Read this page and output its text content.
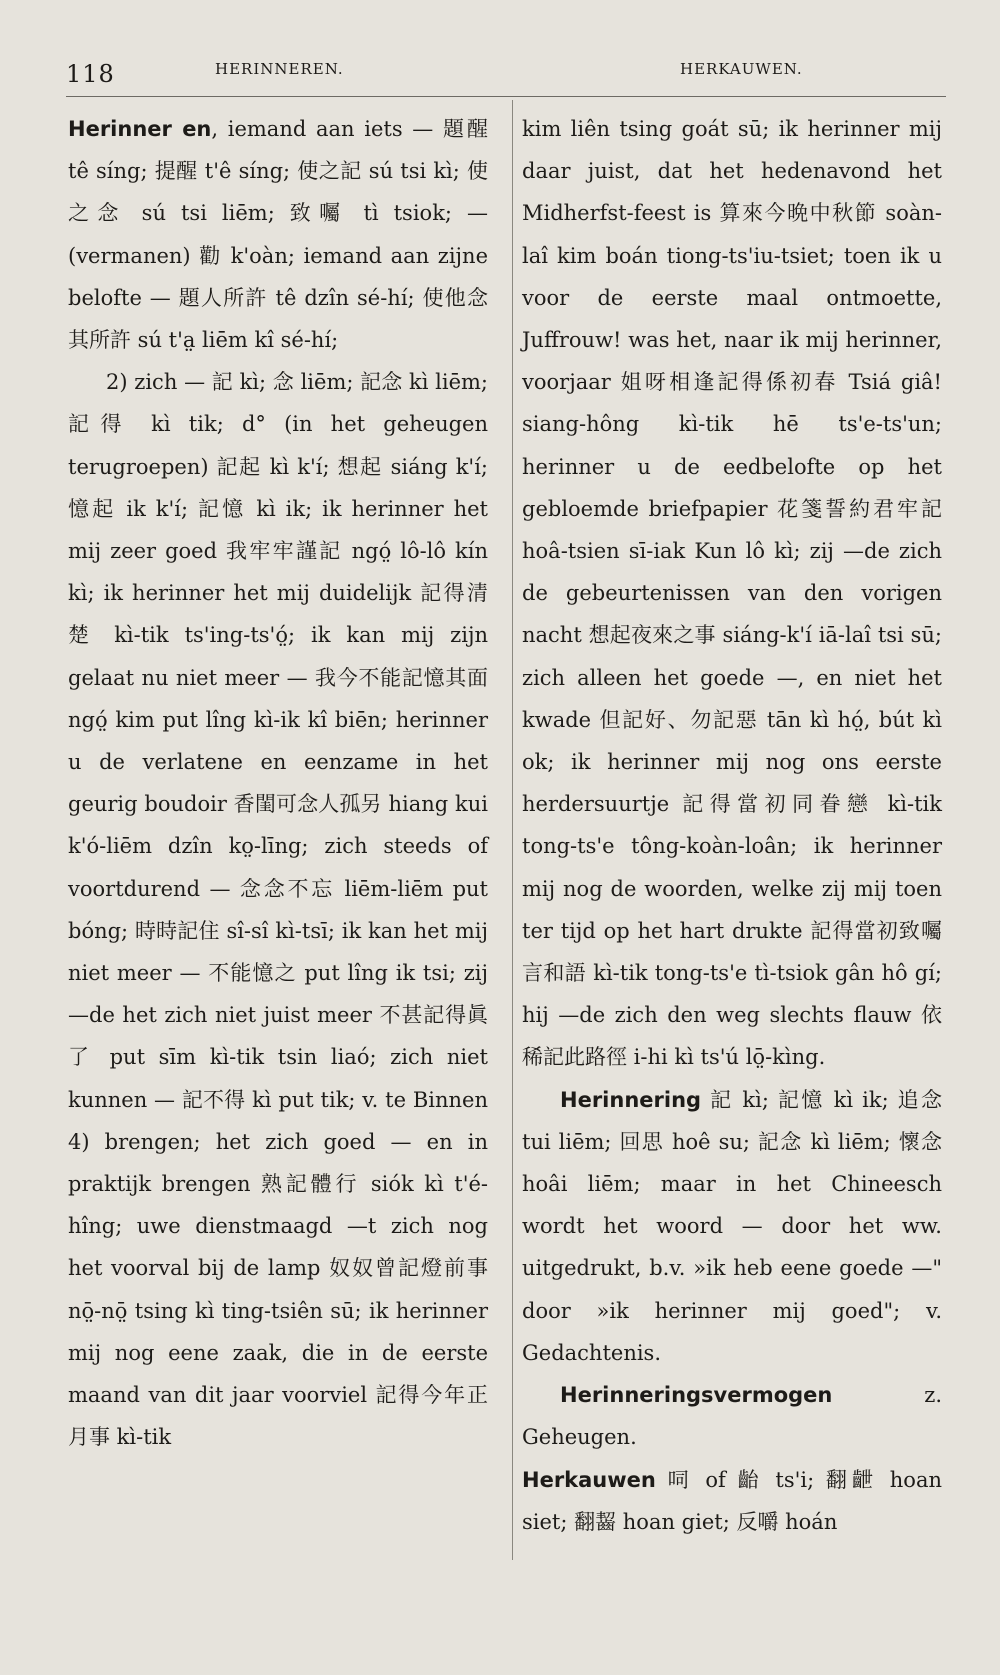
118	HERINNEREN.	HERKAUWEN.

Herinner en, iemand aan iets — 題醒 tê síng; 提醒 t'ê síng; 使之記 sú tsi kì; 使之念 sú tsi liēm; 致囑 tì tsiok; — (vermanen) 勸 k'oàn; iemand aan zijne belofte — 題人所許 tê dzîn sé-hí; 使他念其所許 sú t'a̤ liēm kî sé-hí;

2) zich — 記 kì; 念 liēm; 記念 kì liēm; 記得 kì tik; d° (in het geheugen terugroepen) 記起 kì k'í; 想起 siáng k'í; 憶起 ik k'í; 記憶 kì ik; ik herinner het mij zeer goed 我牢牢謹記 ngó̤ lô-lô kín kì; ik herinner het mij duidelijk 記得清楚 kì-tik ts'ing-ts'ó̤; ik kan mij zijn gelaat nu niet meer — 我今不能記憶其面 ngó̤ kim put lîng kì-ik kî biēn; herinner u de verlatene en eenzame in het geurig boudoir 香閨可念人孤另 hiang kui k'ó-liēm dzîn ko̤-līng; zich steeds of voortdurend — 念念不忘 liēm-liēm put bóng; 時時記住 sî-sî kì-tsī; ik kan het mij niet meer — 不能憶之 put lîng ik tsi; zij —de het zich niet juist meer 不甚記得眞了 put sīm kì-tik tsin liaó; zich niet kunnen — 記不得 kì put tik; v. te Binnen 4) brengen; het zich goed — en in praktijk brengen 熟記體行 siók kì t'é-hîng; uwe dienstmaagd —t zich nog het voorval bij de lamp 奴奴曾記燈前事 nō̤-nō̤ tsing kì ting-tsiên sū; ik herinner mij nog eene zaak, die in de eerste maand van dit jaar voorviel 記得今年正月事 kì-tik

kim liên tsing goát sū; ik herinner mij daar juist, dat het hedenavond het Midherfst-feest is 算來今晩中秋節 soàn-laî kim boán tiong-ts'iu-tsiet; toen ik u voor de eerste maal ontmoette, Juffrouw! was het, naar ik mij herinner, voorjaar 姐呀相逢記得係初春 Tsiá giâ! siang-hông kì-tik hē ts'e-ts'un; herinner u de eedbelofte op het gebloemde briefpapier 花箋誓約君牢記 hoâ-tsien sī-iak Kun lô kì; zij —de zich de gebeurtenissen van den vorigen nacht 想起夜來之事 siáng-k'í iā-laî tsi sū; zich alleen het goede —, en niet het kwade 但記好、勿記惡 tān kì hó̤, bút kì ok; ik herinner mij nog ons eerste herdersuurtje 記得當初同眷戀 kì-tik tong-ts'e tông-koàn-loân; ik herinner mij nog de woorden, welke zij mij toen ter tijd op het hart drukte 記得當初致囑言和語 kì-tik tong-ts'e tì-tsiok gân hô gí; hij —de zich den weg slechts flauw 依稀記此路徑 i-hi kì ts'ú lō̤-kìng.

Herinnering 記 kì; 記憶 kì ik; 追念 tui liēm; 回思 hoê su; 記念 kì liēm; 懷念 hoâi liēm; maar in het Chineesch wordt het woord — door het ww. uitgedrukt, b.v. »ik heb eene goede —" door »ik herinner mij goed"; v. Gedachtenis.

Herinneringsvermogen z. Geheugen.

Herkauwen 呞 of 齝 ts'i; 翻齛 hoan siet; 翻齧 hoan giet; 反嚼 hoán
